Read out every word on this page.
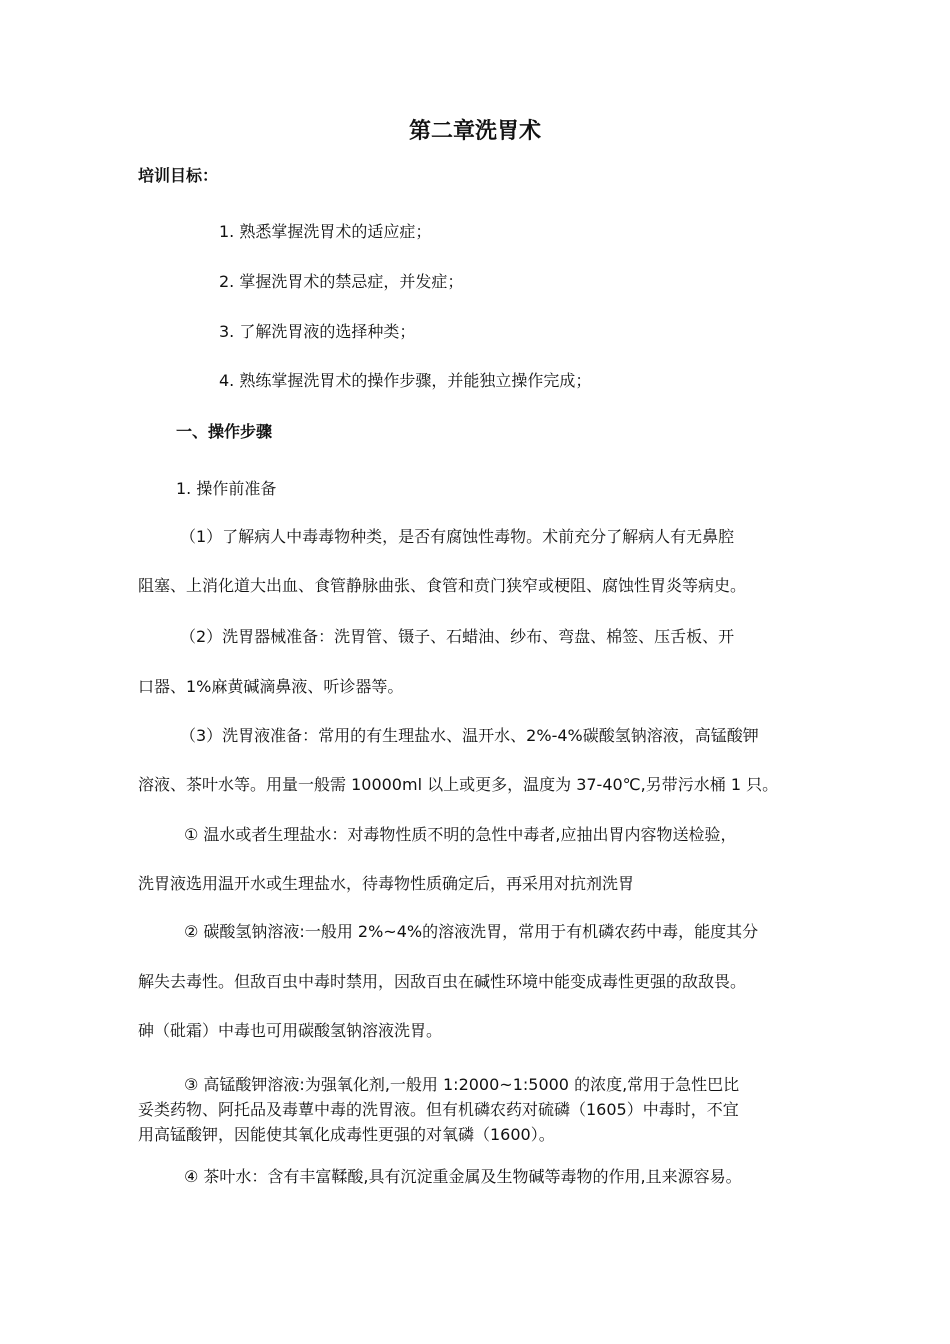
第二章洗胃术
培训目标：
1. 熟悉掌握洗胃术的适应症；
2. 掌握洗胃术的禁忌症，并发症；
3. 了解洗胃液的选择种类；
4. 熟练掌握洗胃术的操作步骤，并能独立操作完成；
一、操作步骤
1. 操作前准备
（1）了解病人中毒毒物种类，是否有腐蚀性毒物。术前充分了解病人有无鼻腔
阻塞、上消化道大出血、食管静脉曲张、食管和贲门狭窄或梗阻、腐蚀性胃炎等病史。
（2）洗胃器械准备：洗胃管、镊子、石蜡油、纱布、弯盘、棉签、压舌板、开
口器、1%麻黄碱滴鼻液、听诊器等。
（3）洗胃液准备：常用的有生理盐水、温开水、2%-4%碳酸氢钠溶液，高锰酸钾
溶液、茶叶水等。用量一般需 10000ml 以上或更多，温度为 37-40℃,另带污水桶 1 只。
① 温水或者生理盐水：对毒物性质不明的急性中毒者,应抽出胃内容物送检验，
洗胃液选用温开水或生理盐水，待毒物性质确定后，再采用对抗剂洗胃
② 碳酸氢钠溶液:一般用 2%~4%的溶液洗胃，常用于有机磷农药中毒，能度其分
解失去毒性。但敌百虫中毒时禁用，因敌百虫在碱性环境中能变成毒性更强的敌敌畏。
砷（砒霜）中毒也可用碳酸氢钠溶液洗胃。
③ 高锰酸钾溶液:为强氧化剂,一般用 1:2000~1:5000 的浓度,常用于急性巴比
妥类药物、阿托品及毒蕈中毒的洗胃液。但有机磷农药对硫磷（1605）中毒时，不宜
用高锰酸钾，因能使其氧化成毒性更强的对氧磷（1600）。
④ 茶叶水：含有丰富鞣酸,具有沉淀重金属及生物碱等毒物的作用,且来源容易。
